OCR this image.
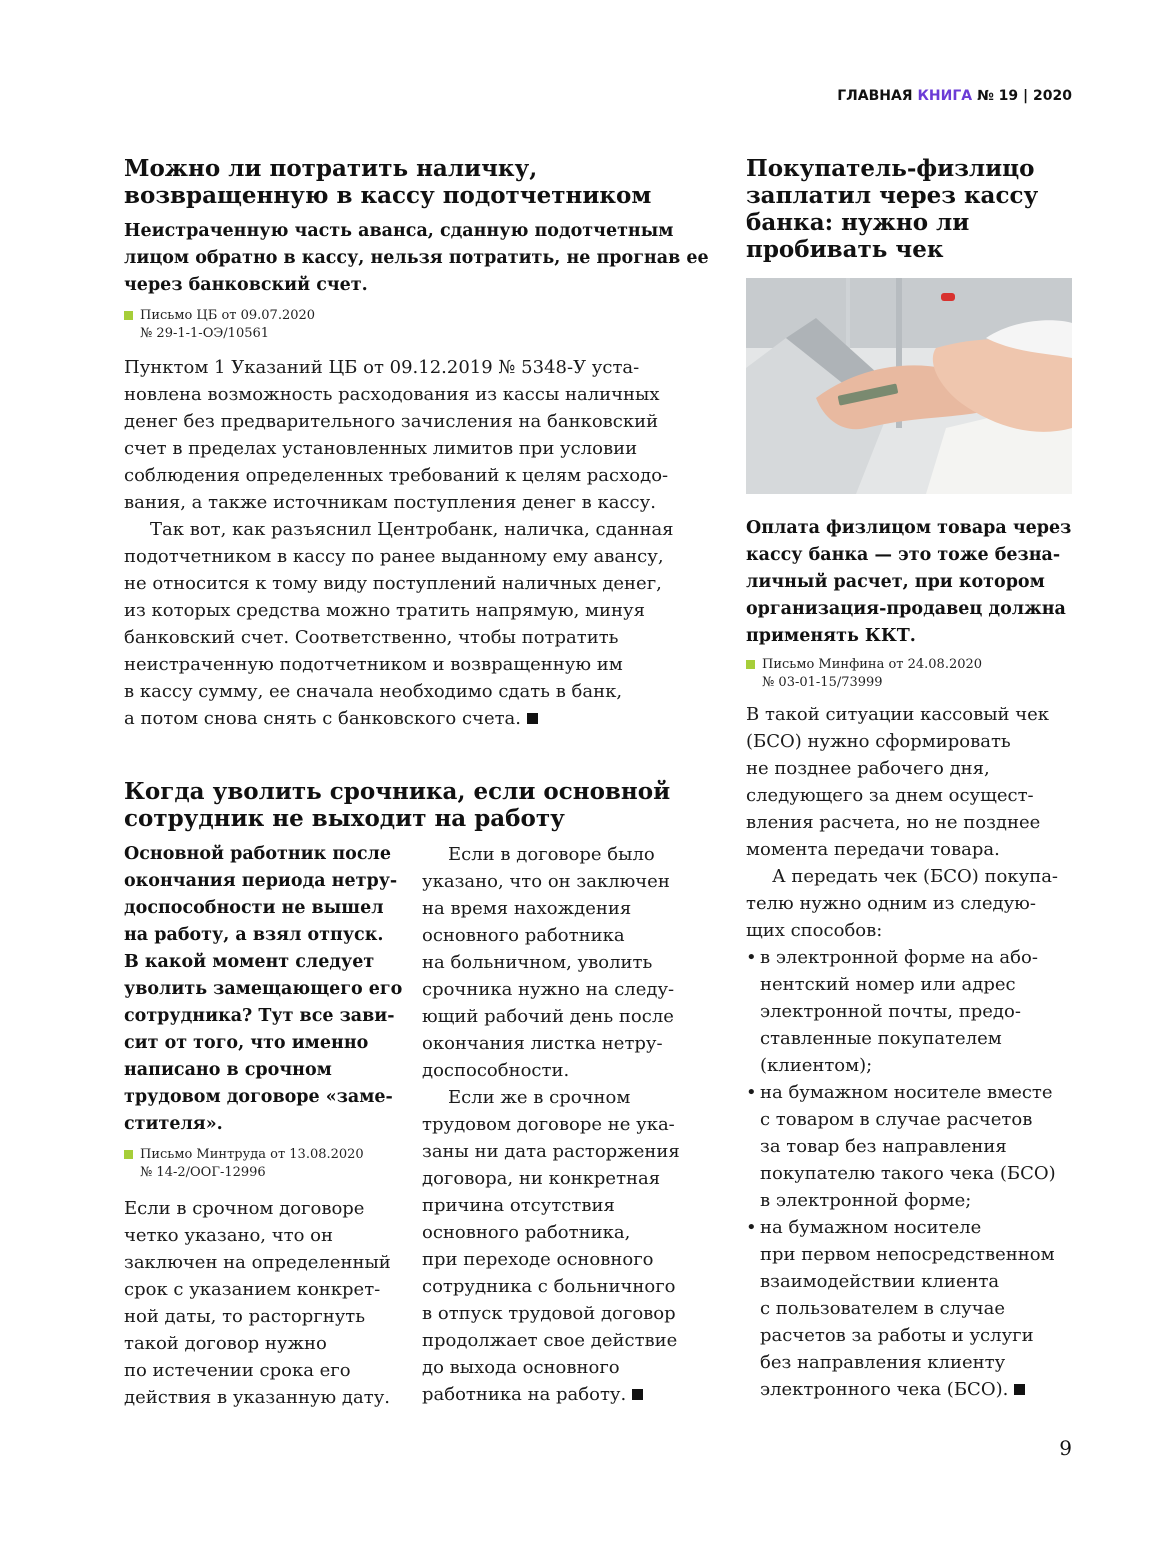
ГЛАВНАЯ КНИГА № 19 | 2020
Можно ли потратить наличку,
возвращенную в кассу подотчетником
Неистраченную часть аванса, сданную подотчетным
лицом обратно в кассу, нельзя потратить, не прогнав ее
через банковский счет.
Письмо ЦБ от 09.07.2020
№ 29-1-1-ОЭ/10561
Пунктом 1 Указаний ЦБ от 09.12.2019 № 5348-У уста-
новлена возможность расходования из кассы наличных
денег без предварительного зачисления на банковский
счет в пределах установленных лимитов при условии
соблюдения определенных требований к целям расходо-
вания, а также источникам поступления денег в кассу.
Так вот, как разъяснил Центробанк, наличка, сданная
подотчетником в кассу по ранее выданному ему авансу,
не относится к тому виду поступлений наличных денег,
из которых средства можно тратить напрямую, минуя
банковский счет. Соответственно, чтобы потратить
неистраченную подотчетником и возвращенную им
в кассу сумму, ее сначала необходимо сдать в банк,
а потом снова снять с банковского счета.
Когда уволить срочника, если основной
сотрудник не выходит на работу
Основной работник после
окончания периода нетру-
доспособности не вышел
на работу, а взял отпуск.
В какой момент следует
уволить замещающего его
сотрудника? Тут все зави-
сит от того, что именно
написано в срочном
трудовом договоре «заме-
стителя».
Письмо Минтруда от 13.08.2020
№ 14-2/ООГ-12996
Если в срочном договоре
четко указано, что он
заключен на определенный
срок с указанием конкрет-
ной даты, то расторгнуть
такой договор нужно
по истечении срока его
действия в указанную дату.
Если в договоре было
указано, что он заключен
на время нахождения
основного работника
на больничном, уволить
срочника нужно на следу-
ющий рабочий день после
окончания листка нетру-
доспособности.
Если же в срочном
трудовом договоре не ука-
заны ни дата расторжения
договора, ни конкретная
причина отсутствия
основного работника,
при переходе основного
сотрудника с больничного
в отпуск трудовой договор
продолжает свое действие
до выхода основного
работника на работу.
Покупатель-физлицо
заплатил через кассу
банка: нужно ли
пробивать чек
Оплата физлицом товара через
кассу банка — это тоже безна-
личный расчет, при котором
организация-продавец должна
применять ККТ.
Письмо Минфина от 24.08.2020
№ 03-01-15/73999
В такой ситуации кассовый чек
(БСО) нужно сформировать
не позднее рабочего дня,
следующего за днем осущест-
вления расчета, но не позднее
момента передачи товара.
А передать чек (БСО) покупа-
телю нужно одним из следую-
щих способов:
• в электронной форме на або-
нентский номер или адрес
электронной почты, предо-
ставленные покупателем
(клиентом);
• на бумажном носителе вместе
с товаром в случае расчетов
за товар без направления
покупателю такого чека (БСО)
в электронной форме;
• на бумажном носителе
при первом непосредственном
взаимодействии клиента
с пользователем в случае
расчетов за работы и услуги
без направления клиенту
электронного чека (БСО).
9
